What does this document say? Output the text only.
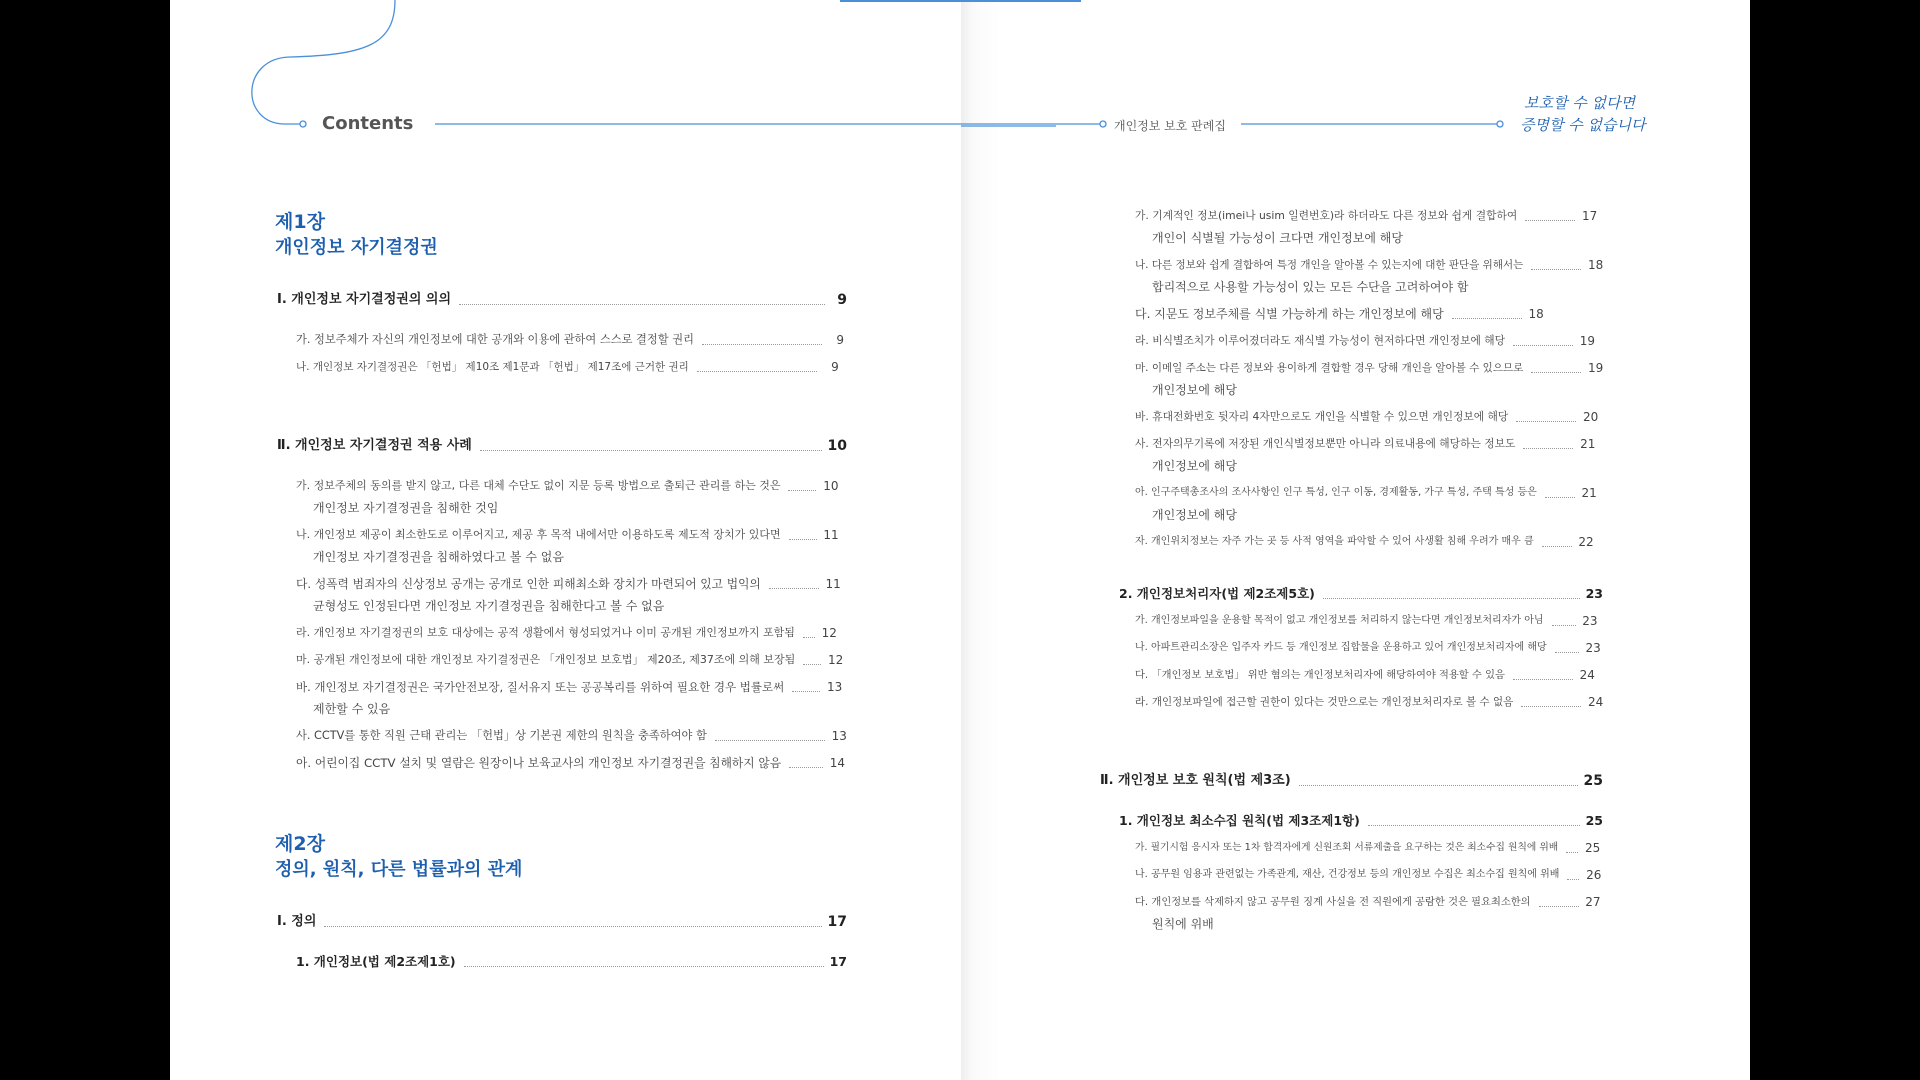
Contents
제1장
개인정보 자기결정권
Ⅰ. 개인정보 자기결정권의 의의	9
가. 정보주체가 자신의 개인정보에 대한 공개와 이용에 관하여 스스로 결정할 권리	9
나. 개인정보 자기결정권은 「헌법」 제10조 제1문과 「헌법」 제17조에 근거한 권리	9
Ⅱ. 개인정보 자기결정권 적용 사례	10
가. 정보주체의 동의를 받지 않고, 다른 대체 수단도 없이 지문 등록 방법으로 출퇴근 관리를 하는 것은	10
개인정보 자기결정권을 침해한 것임
나. 개인정보 제공이 최소한도로 이루어지고, 제공 후 목적 내에서만 이용하도록 제도적 장치가 있다면	11
개인정보 자기결정권을 침해하였다고 볼 수 없음
다. 성폭력 범죄자의 신상정보 공개는 공개로 인한 피해최소화 장치가 마련되어 있고 법익의	11
균형성도 인정된다면 개인정보 자기결정권을 침해한다고 볼 수 없음
라. 개인정보 자기결정권의 보호 대상에는 공적 생활에서 형성되었거나 이미 공개된 개인정보까지 포함됨 12
마. 공개된 개인정보에 대한 개인정보 자기결정권은 「개인정보 보호법」 제20조, 제37조에 의해 보장됨	12
바. 개인정보 자기결정권은 국가안전보장, 질서유지 또는 공공복리를 위하여 필요한 경우 법률로써	13
제한할 수 있음
사. CCTV를 통한 직원 근태 관리는 「헌법」상 기본권 제한의 원칙을 충족하여야 함	13
아. 어린이집 CCTV 설치 및 열람은 원장이나 보육교사의 개인정보 자기결정권을 침해하지 않음	14
제2장
정의, 원칙, 다른 법률과의 관계
Ⅰ. 정의	17
1. 개인정보(법 제2조제1호)	17
개인정보 보호 판례집
보호할 수 없다면
증명할 수 없습니다
가. 기계적인 정보(imei나 usim 일련번호)라 하더라도 다른 정보와 쉽게 결합하여	17
개인이 식별될 가능성이 크다면 개인정보에 해당
나. 다른 정보와 쉽게 결합하여 특정 개인을 알아볼 수 있는지에 대한 판단을 위해서는	18
합리적으로 사용할 가능성이 있는 모든 수단을 고려하여야 함
다. 지문도 정보주체를 식별 가능하게 하는 개인정보에 해당	18
라. 비식별조치가 이루어졌더라도 재식별 가능성이 현저하다면 개인정보에 해당	19
마. 이메일 주소는 다른 정보와 용이하게 결합할 경우 당해 개인을 알아볼 수 있으므로	19
개인정보에 해당
바. 휴대전화번호 뒷자리 4자만으로도 개인을 식별할 수 있으면 개인정보에 해당	20
사. 전자의무기록에 저장된 개인식별정보뿐만 아니라 의료내용에 해당하는 정보도	21
개인정보에 해당
아. 인구주택총조사의 조사사항인 인구 특성, 인구 이동, 경제활동, 가구 특성, 주택 특성 등은	21
개인정보에 해당
자. 개인위치정보는 자주 가는 곳 등 사적 영역을 파악할 수 있어 사생활 침해 우려가 매우 큼	22
2. 개인정보처리자(법 제2조제5호)	23
가. 개인정보파일을 운용할 목적이 없고 개인정보를 처리하지 않는다면 개인정보처리자가 아님	23
나. 아파트관리소장은 입주자 카드 등 개인정보 집합물을 운용하고 있어 개인정보처리자에 해당	23
다. 「개인정보 보호법」 위반 혐의는 개인정보처리자에 해당하여야 적용할 수 있음	24
라. 개인정보파일에 접근할 권한이 있다는 것만으로는 개인정보처리자로 볼 수 없음	24
Ⅱ. 개인정보 보호 원칙(법 제3조)	25
1. 개인정보 최소수집 원칙(법 제3조제1항)	25
가. 필기시험 응시자 또는 1차 합격자에게 신원조회 서류제출을 요구하는 것은 최소수집 원칙에 위배 25
나. 공무원 임용과 관련없는 가족관계, 재산, 건강정보 등의 개인정보 수집은 최소수집 원칙에 위배 26
다. 개인정보를 삭제하지 않고 공무원 징계 사실을 전 직원에게 공람한 것은 필요최소한의	27
원칙에 위배
